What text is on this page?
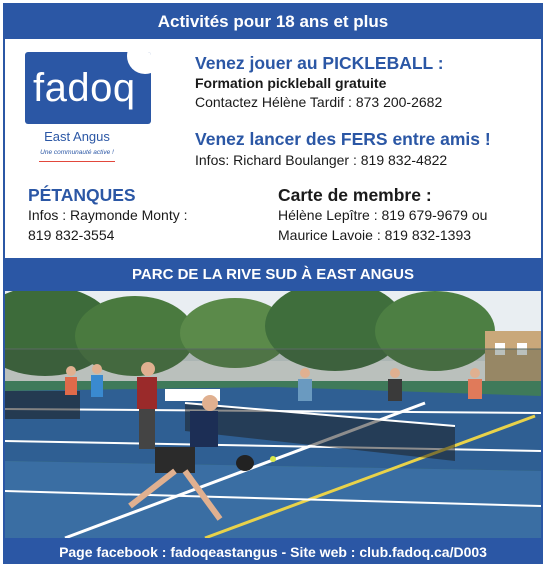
Activités pour 18 ans et plus
fadoq
East Angus
Une communauté active !
Venez jouer au PICKLEBALL :
Formation pickleball gratuite
Contactez Hélène Tardif : 873 200-2682
Venez lancer des FERS entre amis !
Infos: Richard Boulanger : 819 832-4822
PÉTANQUES
Infos : Raymonde Monty :
819 832-3554
Carte de membre :
Hélène Lepître : 819 679-9679 ou
Maurice Lavoie : 819 832-1393
PARC DE LA RIVE SUD À EAST ANGUS
Page facebook : fadoqeastangus - Site web : club.fadoq.ca/D003
